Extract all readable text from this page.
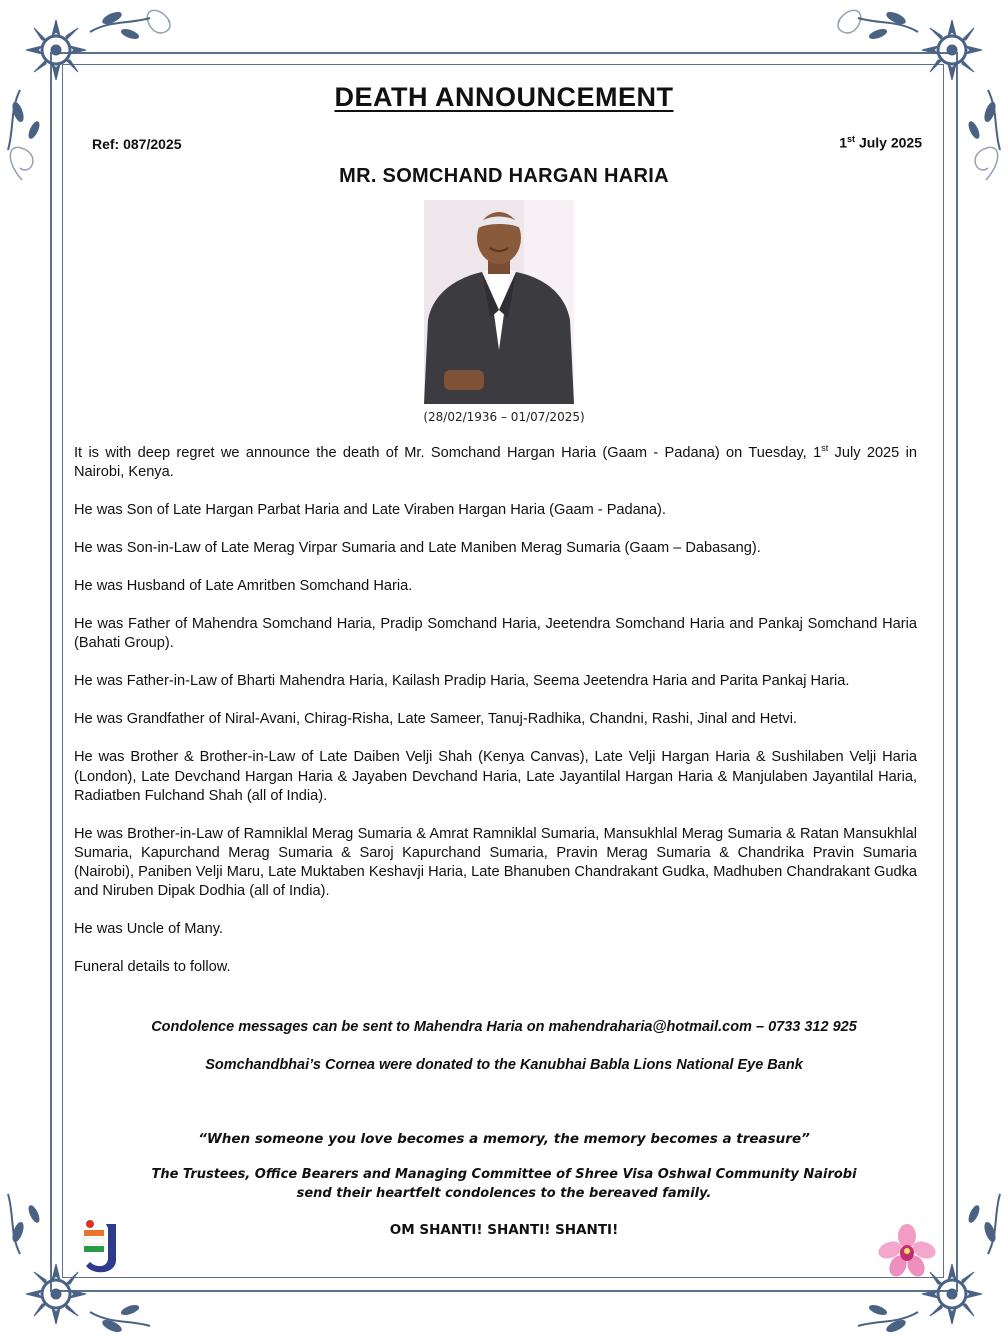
DEATH ANNOUNCEMENT
Ref: 087/2025	1st July 2025
MR. SOMCHAND HARGAN HARIA
(28/02/1936 – 01/07/2025)

It is with deep regret we announce the death of Mr. Somchand Hargan Haria (Gaam - Padana) on Tuesday, 1st July 2025 in Nairobi, Kenya.

He was Son of Late Hargan Parbat Haria and Late Viraben Hargan Haria (Gaam - Padana).

He was Son-in-Law of Late Merag Virpar Sumaria and Late Maniben Merag Sumaria (Gaam – Dabasang).

He was Husband of Late Amritben Somchand Haria.

He was Father of Mahendra Somchand Haria, Pradip Somchand Haria, Jeetendra Somchand Haria and Pankaj Somchand Haria (Bahati Group).

He was Father-in-Law of Bharti Mahendra Haria, Kailash Pradip Haria, Seema Jeetendra Haria and Parita Pankaj Haria.

He was Grandfather of Niral-Avani, Chirag-Risha, Late Sameer, Tanuj-Radhika, Chandni, Rashi, Jinal and Hetvi.

He was Brother & Brother-in-Law of Late Daiben Velji Shah (Kenya Canvas), Late Velji Hargan Haria & Sushilaben Velji Haria (London), Late Devchand Hargan Haria & Jayaben Devchand Haria, Late Jayantilal Hargan Haria & Manjulaben Jayantilal Haria, Radiatben Fulchand Shah (all of India).

He was Brother-in-Law of Ramniklal Merag Sumaria & Amrat Ramniklal Sumaria, Mansukhlal Merag Sumaria & Ratan Mansukhlal Sumaria, Kapurchand Merag Sumaria & Saroj Kapurchand Sumaria, Pravin Merag Sumaria & Chandrika Pravin Sumaria (Nairobi), Paniben Velji Maru, Late Muktaben Keshavji Haria, Late Bhanuben Chandrakant Gudka, Madhuben Chandrakant Gudka and Niruben Dipak Dodhia (all of India).

He was Uncle of Many.

Funeral details to follow.

Condolence messages can be sent to Mahendra Haria on mahendraharia@hotmail.com – 0733 312 925
Somchandbhai’s Cornea were donated to the Kanubhai Babla Lions National Eye Bank
“When someone you love becomes a memory, the memory becomes a treasure”
The Trustees, Office Bearers and Managing Committee of Shree Visa Oshwal Community Nairobi
send their heartfelt condolences to the bereaved family.
OM SHANTI! SHANTI! SHANTI!
